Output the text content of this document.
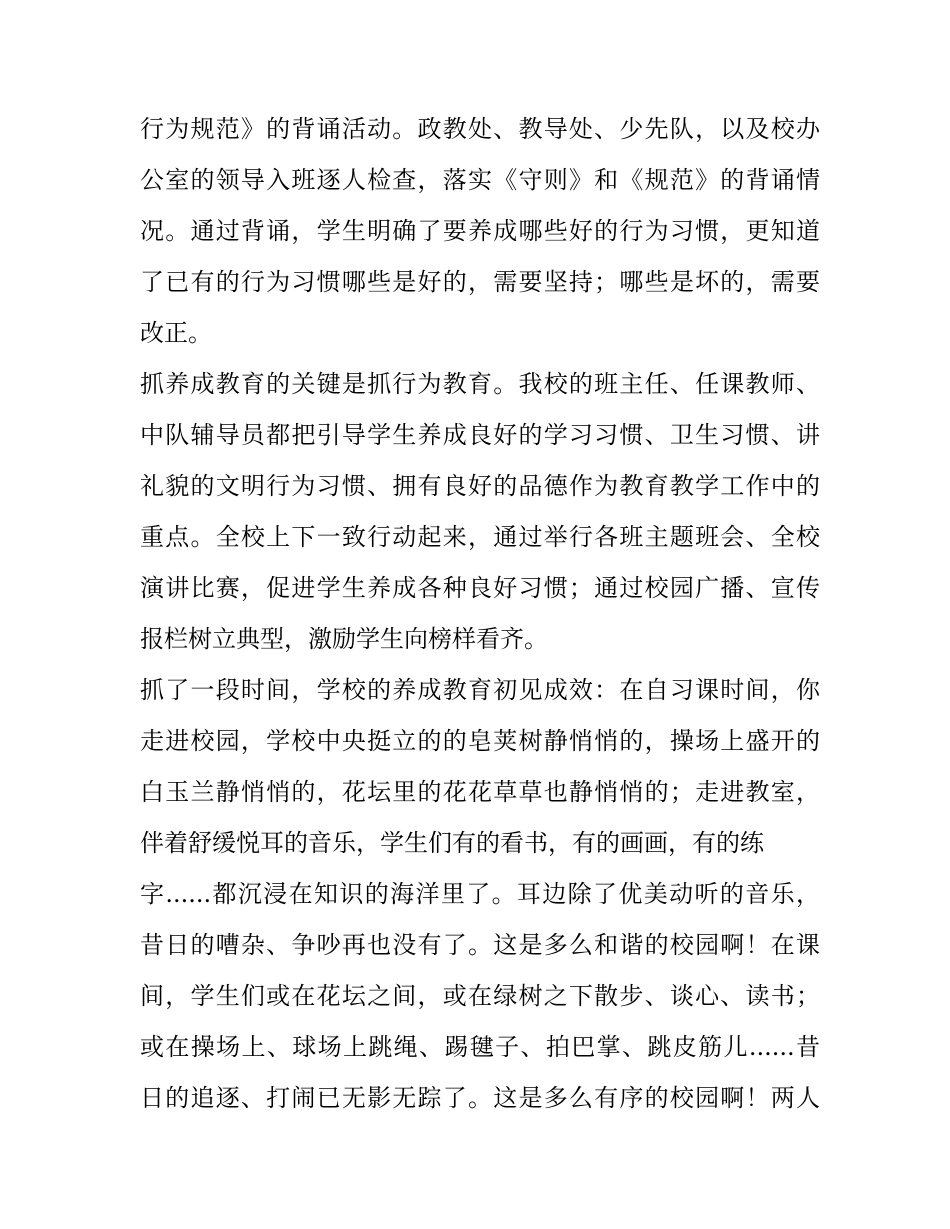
行为规范》的背诵活动。政教处、教导处、少先队，以及校办
公室的领导入班逐人检查，落实《守则》和《规范》的背诵情
况。通过背诵，学生明确了要养成哪些好的行为习惯，更知道
了已有的行为习惯哪些是好的，需要坚持；哪些是坏的，需要
改正。
抓养成教育的关键是抓行为教育。我校的班主任、任课教师、
中队辅导员都把引导学生养成良好的学习习惯、卫生习惯、讲
礼貌的文明行为习惯、拥有良好的品德作为教育教学工作中的
重点。全校上下一致行动起来，通过举行各班主题班会、全校
演讲比赛，促进学生养成各种良好习惯；通过校园广播、宣传
报栏树立典型，激励学生向榜样看齐。
抓了一段时间，学校的养成教育初见成效：在自习课时间，你
走进校园，学校中央挺立的的皂荚树静悄悄的，操场上盛开的
白玉兰静悄悄的，花坛里的花花草草也静悄悄的；走进教室，
伴着舒缓悦耳的音乐，学生们有的看书，有的画画，有的练
字......都沉浸在知识的海洋里了。耳边除了优美动听的音乐，
昔日的嘈杂、争吵再也没有了。这是多么和谐的校园啊！在课
间，学生们或在花坛之间，或在绿树之下散步、谈心、读书；
或在操场上、球场上跳绳、踢毽子、拍巴掌、跳皮筋儿......昔
日的追逐、打闹已无影无踪了。这是多么有序的校园啊！两人
